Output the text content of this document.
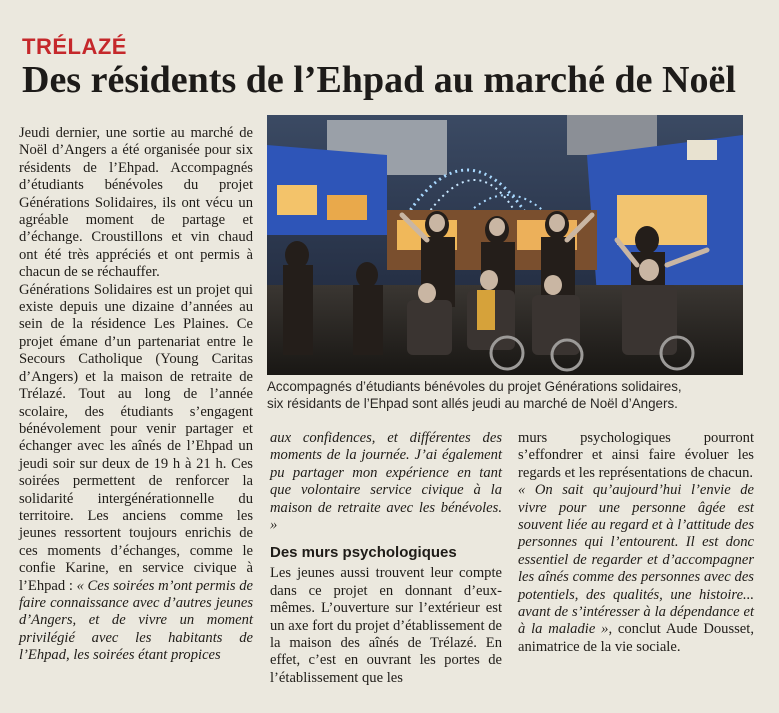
TRÉLAZÉ
Des résidents de l’Ehpad au marché de Noël

Jeudi dernier, une sortie au marché de Noël d’Angers a été organisée pour six résidents de l’Ehpad. Accompagnés d’étudiants bénévoles du projet Générations Solidaires, ils ont vécu un agréable moment de partage et d’échange. Croustillons et vin chaud ont été très appréciés et ont permis à chacun de se réchauffer.

Générations Solidaires est un projet qui existe depuis une dizaine d’années au sein de la résidence Les Plaines. Ce projet émane d’un partenariat entre le Secours Catholique (Young Caritas d’Angers) et la maison de retraite de Trélazé. Tout au long de l’année scolaire, des étudiants s’engagent bénévolement pour venir partager et échanger avec les aînés de l’Ehpad un jeudi soir sur deux de 19 h à 21 h. Ces soirées permettent de renforcer la solidarité intergénérationnelle du territoire. Les anciens comme les jeunes ressortent toujours enrichis de ces moments d’échanges, comme le confie Karine, en service civique à l’Ehpad : « Ces soirées m’ont permis de faire connaissance avec d’autres jeunes d’Angers, et de vivre un moment privilégié avec les habitants de l’Ehpad, les soirées étant propices

Accompagnés d’étudiants bénévoles du projet Générations solidaires,

six résidants de l’Ehpad sont allés jeudi au marché de Noël d’Angers.

aux confidences, et différentes des moments de la journée. J’ai également pu partager mon expérience en tant que volontaire service civique à la maison de retraite avec les bénévoles. »

Des murs psychologiques

Les jeunes aussi trouvent leur compte dans ce projet en donnant d’eux-mêmes. L’ouverture sur l’extérieur est un axe fort du projet d’établissement de la maison des aînés de Trélazé. En effet, c’est en ouvrant les portes de l’établissement que les

murs psychologiques pourront s’effondrer et ainsi faire évoluer les regards et les représentations de chacun.

« On sait qu’aujourd’hui l’envie de vivre pour une personne âgée est souvent liée au regard et à l’attitude des personnes qui l’entourent. Il est donc essentiel de regarder et d’accompagner les aînés comme des personnes avec des potentiels, des qualités, une histoire... avant de s’intéresser à la dépendance et à la maladie », conclut Aude Dousset, animatrice de la vie sociale.
